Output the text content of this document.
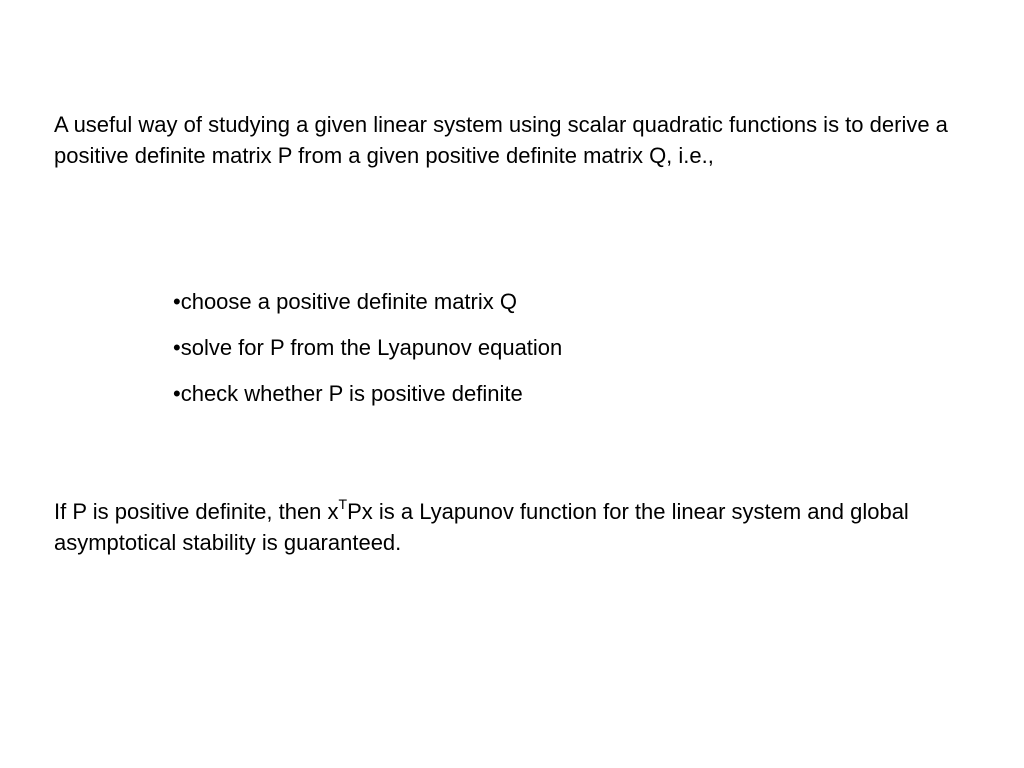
A useful way of studying a given linear system using scalar quadratic functions is to derive a positive definite matrix P from a given positive definite matrix Q, i.e.,

•choose a positive definite matrix Q
•solve for P from the Lyapunov equation
•check whether P is positive definite

If P is positive definite, then $x^TPx$ is a Lyapunov function for the linear system and global asymptotical stability is guaranteed.
